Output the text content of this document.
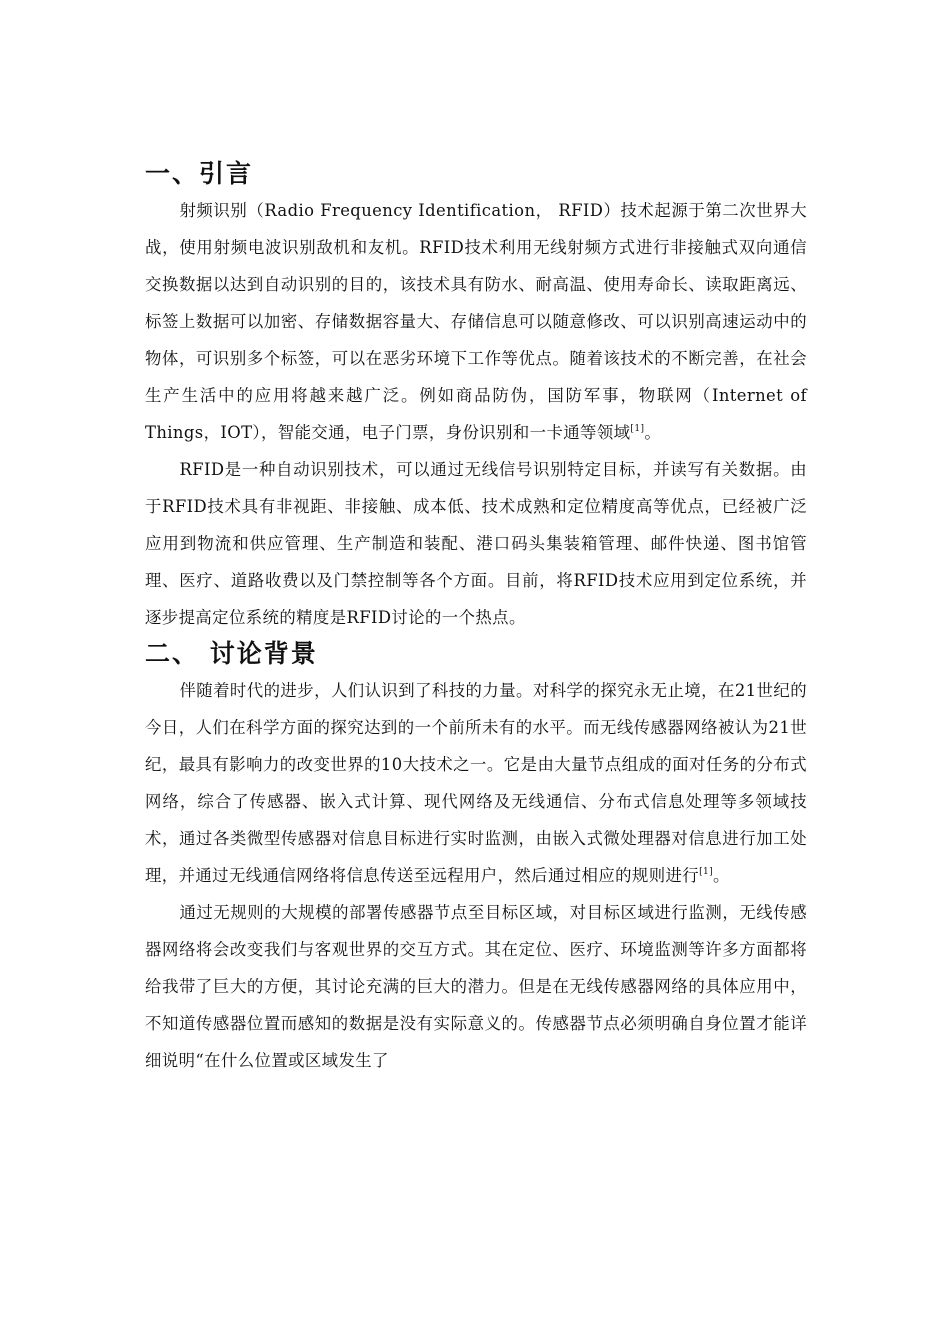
一、引言

射频识别（Radio Frequency Identification， RFID）技术起源于第二次世界大战，使用射频电波识别敌机和友机。RFID技术利用无线射频方式进行非接触式双向通信交换数据以达到自动识别的目的，该技术具有防水、耐高温、使用寿命长、读取距离远、标签上数据可以加密、存储数据容量大、存储信息可以随意修改、可以识别高速运动中的物体，可识别多个标签，可以在恶劣环境下工作等优点。随着该技术的不断完善，在社会生产生活中的应用将越来越广泛。例如商品防伪，国防军事，物联网（Internet of Things，IOT），智能交通，电子门票，身份识别和一卡通等领域[1]。

RFID是一种自动识别技术，可以通过无线信号识别特定目标，并读写有关数据。由于RFID技术具有非视距、非接触、成本低、技术成熟和定位精度高等优点，已经被广泛应用到物流和供应管理、生产制造和装配、港口码头集装箱管理、邮件快递、图书馆管理、医疗、道路收费以及门禁控制等各个方面。目前，将RFID技术应用到定位系统，并逐步提高定位系统的精度是RFID讨论的一个热点。

二、 讨论背景

伴随着时代的进步，人们认识到了科技的力量。对科学的探究永无止境，在21世纪的今日，人们在科学方面的探究达到的一个前所未有的水平。而无线传感器网络被认为21世纪，最具有影响力的改变世界的10大技术之一。它是由大量节点组成的面对任务的分布式网络，综合了传感器、嵌入式计算、现代网络及无线通信、分布式信息处理等多领域技术，通过各类微型传感器对信息目标进行实时监测，由嵌入式微处理器对信息进行加工处理，并通过无线通信网络将信息传送至远程用户，然后通过相应的规则进行[1]。

通过无规则的大规模的部署传感器节点至目标区域，对目标区域进行监测，无线传感器网络将会改变我们与客观世界的交互方式。其在定位、医疗、环境监测等许多方面都将给我带了巨大的方便，其讨论充满的巨大的潜力。但是在无线传感器网络的具体应用中，不知道传感器位置而感知的数据是没有实际意义的。传感器节点必须明确自身位置才能详细说明“在什么位置或区域发生了
